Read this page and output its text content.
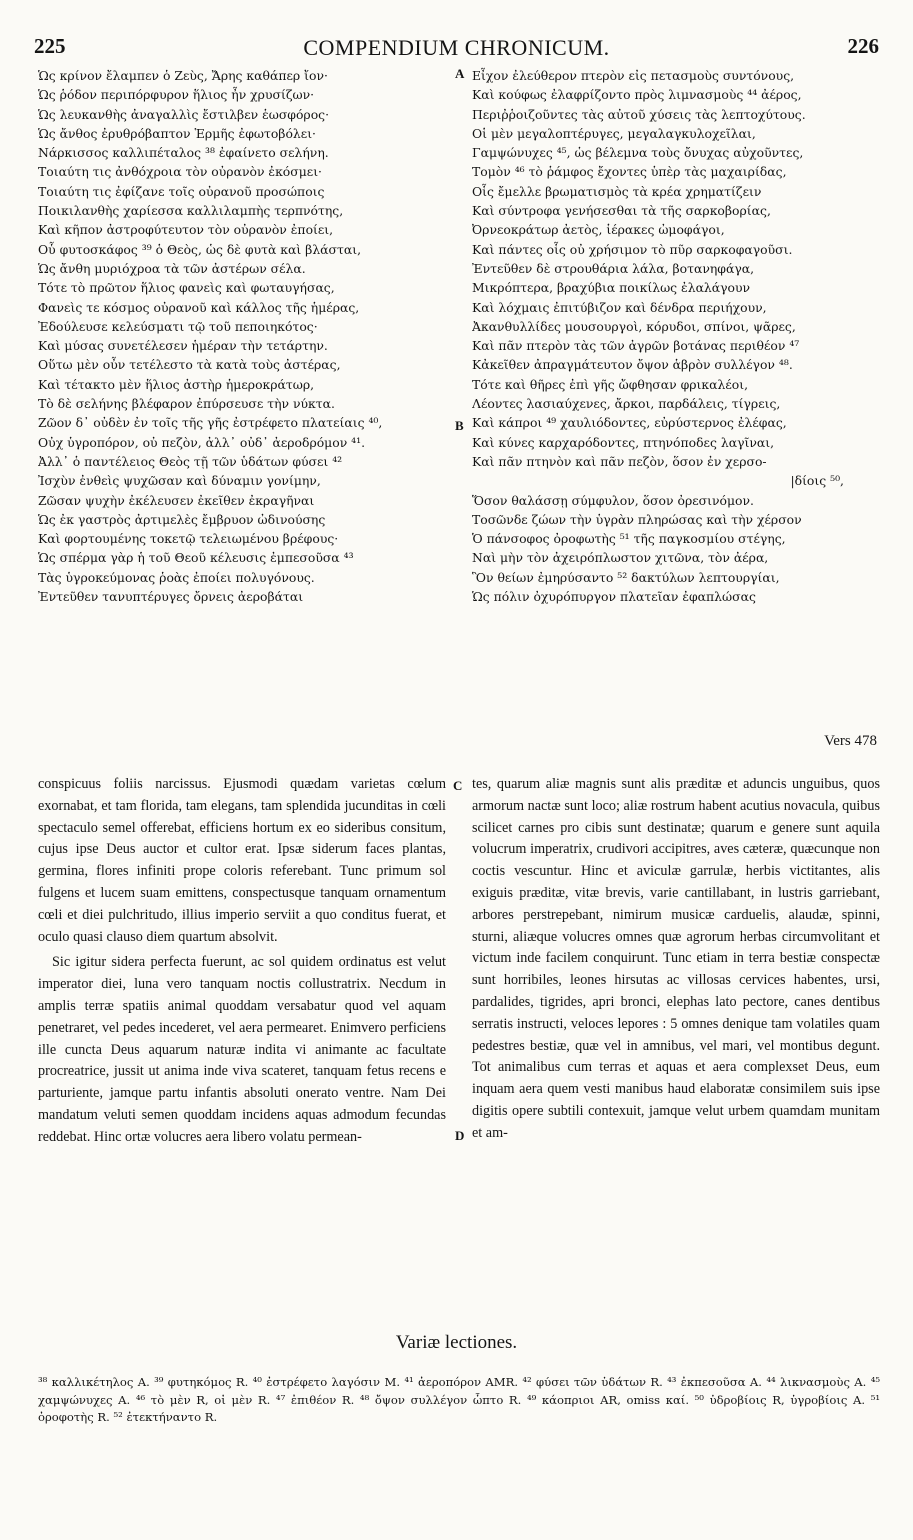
225	COMPENDIUM CHRONICUM.	226
Ὡς κρίνον ἔλαμπεν ὁ Ζεὺς, Ἄρης καθάπερ ἴον·
Ὡς ῥόδον περιπόρφυρον ἥλιος ἦν χρυσίζων·
Ὡς λευκανθὴς ἀναγαλλὶς ἔστιλβεν ἑωσφόρος·
Ὡς ἄνθος ἐρυθρόβαπτον Ἑρμῆς ἐφωτοβόλει·
Νάρκισσος καλλιπέταλος ³⁸ ἐφαίνετο σελήνη.
Τοιαύτη τις ἀνθόχροια τὸν οὐρανὸν ἐκόσμει·
Τοιαύτη τις ἐφίζανε τοῖς οὐρανοῦ προσώποις
Ποικιλανθὴς χαρίεσσα καλλιλαμπὴς τερπνότης,
Καὶ κῆπον ἀστροφύτευτον τὸν οὐρανὸν ἐποίει,
Οὗ φυτοσκάφος ³⁹ ὁ Θεὸς, ὡς δὲ φυτὰ καὶ βλάσται,
Ὡς ἄνθη μυριόχροα τὰ τῶν ἀστέρων σέλα.
Τότε τὸ πρῶτον ἥλιος φανεὶς καὶ φωταυγήσας,
Φανεὶς τε κόσμος οὐρανοῦ καὶ κάλλος τῆς ἡμέρας,
Ἐδούλευσε κελεύσματι τῷ τοῦ πεποιηκότος·
Καὶ μύσας συνετέλεσεν ἡμέραν τὴν τετάρτην.
Οὕτω μὲν οὖν τετέλεστο τὰ κατὰ τοὺς ἀστέρας,
Καὶ τέτακτο μὲν ἥλιος ἀστὴρ ἡμεροκράτωρ,
Τὸ δὲ σελήνης βλέφαρον ἐπύρσευσε τὴν νύκτα.
Ζῶον δ᾽ οὐδὲν ἐν τοῖς τῆς γῆς ἐστρέφετο πλατείαις ⁴⁰,
Οὐχ ὑγροπόρον, οὐ πεζὸν, ἀλλ᾽ οὐδ᾽ ἀεροδρόμον ⁴¹.
Ἀλλ᾽ ὁ παντέλειος Θεὸς τῇ τῶν ὑδάτων φύσει ⁴²
Ἰσχὺν ἐνθεὶς ψυχῶσαν καὶ δύναμιν γονίμην,
Ζῶσαν ψυχὴν ἐκέλευσεν ἐκεῖθεν ἐκραγῆναι
Ὡς ἐκ γαστρὸς ἀρτιμελὲς ἔμβρυον ὠδινούσης
Καὶ φορτουμένης τοκετῷ τελειωμένου βρέφους·
Ὡς σπέρμα γὰρ ἡ τοῦ Θεοῦ κέλευσις ἐμπεσοῦσα ⁴³
Τὰς ὑγροκεύμονας ῥοὰς ἐποίει πολυγόνους.
Ἐντεῦθεν τανυπτέρυγες ὄρνεις ἀεροβάται
A
B
C
D
Εἶχον ἐλεύθερον πτερὸν εἰς πετασμοὺς συντόνους,
Καὶ κούφως ἐλαφρίζοντο πρὸς λιμνασμοὺς ⁴⁴ ἀέρος,
Περιῤῥοιζοῦντες τὰς αὐτοῦ χύσεις τὰς λεπτοχύτους.
Οἱ μὲν μεγαλοπτέρυγες, μεγαλαγκυλοχεῖλαι,
Γαμψώνυχες ⁴⁵, ὡς βέλεμνα τοὺς ὄνυχας αὐχοῦντες,
Τομὸν ⁴⁶ τὸ ῥάμφος ἔχοντες ὑπὲρ τὰς μαχαιρίδας,
Οἷς ἔμελλε βρωματισμὸς τὰ κρέα χρηματίζειν
Καὶ σύντροφα γενήσεσθαι τὰ τῆς σαρκοβορίας,
Ὀρνεοκράτωρ ἀετὸς, ἱέρακες ὠμοφάγοι,
Καὶ πάντες οἷς οὐ χρήσιμον τὸ πῦρ σαρκοφαγοῦσι.
Ἐντεῦθεν δὲ στρουθάρια λάλα, βοτανηφάγα,
Μικρόπτερα, βραχύβια ποικίλως ἐλαλάγουν
Καὶ λόχμαις ἐπιτύβιζον καὶ δένδρα περιήχουν,
Ἀκανθυλλίδες μουσουργοὶ, κόρυδοι, σπίνοι, ψᾶρες,
Καὶ πᾶν πτερὸν τὰς τῶν ἀγρῶν βοτάνας περιθέον ⁴⁷
Κἀκεῖθεν ἀπραγμάτευτον ὄψον ἁβρὸν συλλέγον ⁴⁸.
Τότε καὶ θῆρες ἐπὶ γῆς ὤφθησαν φρικαλέοι,
Λέοντες λασιαύχενες, ἄρκοι, παρδάλεις, τίγρεις,
Καὶ κάπροι ⁴⁹ χαυλιόδοντες, εὐρύστερνος ἐλέφας,
Καὶ κύνες καρχαρόδοντες, πτηνόποδες λαγῖναι,
Καὶ πᾶν πτηνὸν καὶ πᾶν πεζὸν, ὅσον ἐν χερσο-
|δίοις ⁵⁰,
Ὅσον θαλάσσῃ σύμφυλον, ὅσον ὀρεσινόμον.
Τοσῶνδε ζώων τὴν ὑγρὰν πληρώσας καὶ τὴν χέρσον
Ὁ πάνσοφος ὀροφωτὴς ⁵¹ τῆς παγκοσμίου στέγης,
Ναὶ μὴν τὸν ἀχειρόπλωστον χιτῶνα, τὸν ἀέρα,
Ὃν θείων ἐμηρύσαντο ⁵² δακτύλων λεπτουργίαι,
Ὡς πόλιν ὀχυρόπυργον πλατεῖαν ἐφαπλώσας
Vers 478

conspicuus foliis narcissus. Ejusmodi quædam varietas cœlum exornabat, et tam florida, tam elegans, tam splendida jucunditas in cœli spectaculo semel offerebat, efficiens hortum ex eo sideribus consitum, cujus ipse Deus auctor et cultor erat. Ipsæ siderum faces plantas, germina, flores infiniti prope coloris referebant. Tunc primum sol fulgens et lucem suam emittens, conspectusque tanquam ornamentum cœli et diei pulchritudo, illius imperio serviit a quo conditus fuerat, et oculo quasi clauso diem quartum absolvit.

Sic igitur sidera perfecta fuerunt, ac sol quidem ordinatus est velut imperator diei, luna vero tanquam noctis collustratrix. Necdum in amplis terræ spatiis animal quoddam versabatur quod vel aquam penetraret, vel pedes incederet, vel aera permearet. Enimvero perficiens ille cuncta Deus aquarum naturæ indita vi animante ac facultate procreatrice, jussit ut anima inde viva scateret, tanquam fetus recens e parturiente, jamque partu infantis absoluti onerato ventre. Nam Dei mandatum veluti semen quoddam incidens aquas admodum fecundas reddebat. Hinc ortæ volucres aera libero volatu permean-

tes, quarum aliæ magnis sunt alis præditæ et aduncis unguibus, quos armorum nactæ sunt loco; aliæ rostrum habent acutius novacula, quibus scilicet carnes pro cibis sunt destinatæ; quarum e genere sunt aquila volucrum imperatrix, crudivori accipitres, aves cæteræ, quæcunque non coctis vescuntur. Hinc et aviculæ garrulæ, herbis victitantes, alis exiguis præditæ, vitæ brevis, varie cantillabant, in lustris garriebant, arbores perstrepebant, nimirum musicæ carduelis, alaudæ, spinni, sturni, aliæque volucres omnes quæ agrorum herbas circumvolitant et victum inde facilem conquirunt. Tunc etiam in terra bestiæ conspectæ sunt horribiles, leones hirsutas ac villosas cervices habentes, ursi, pardalides, tigrides, apri bronci, elephas lato pectore, canes dentibus serratis instructi, veloces lepores : 5 omnes denique tam volatiles quam pedestres bestiæ, quæ vel in amnibus, vel mari, vel montibus degunt. Tot animalibus cum terras et aquas et aera complexset Deus, eum inquam aera quem vesti manibus haud elaboratæ consimilem suis ipse digitis opere subtili contexuit, jamque velut urbem quamdam munitam et am-

Variæ lectiones.
³⁸ καλλικέτηλος A. ³⁹ φυτηκόμος R. ⁴⁰ ἐστρέφετο λαγόσιν M. ⁴¹ ἀεροπόρον AMR. ⁴² φύσει τῶν ὑδάτων R. ⁴³ ἐκπεσοῦσα A. ⁴⁴ λικνασμοὺς A. ⁴⁵ χαμψώνυχες A. ⁴⁶ τὸ μὲν R, οἱ μὲν R. ⁴⁷ ἐπιθέον R. ⁴⁸ ὄψον συλλέγον ὦπτο R. ⁴⁹ κάοπριοι AR, omiss καί. ⁵⁰ ὑδροβίοις R, ὑγροβίοις A. ⁵¹ ὀροφοτὴς R. ⁵² ἐτεκτήναντο R.
